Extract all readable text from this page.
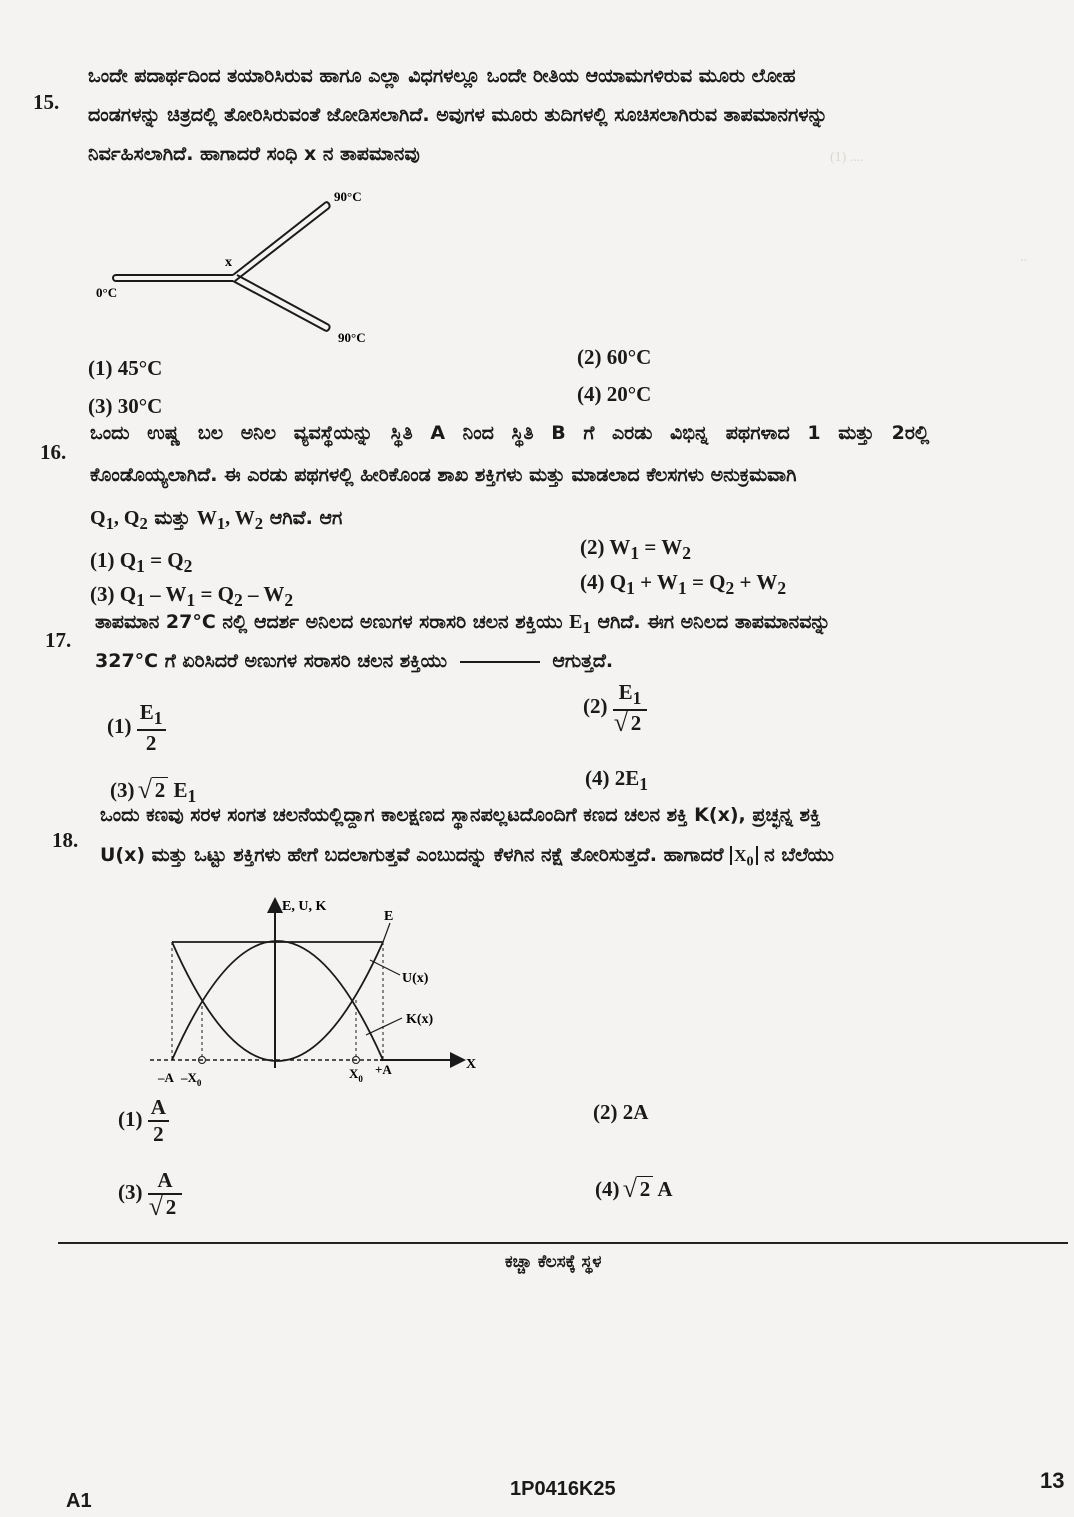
(1) ....
..
15.
ಒಂದೇ ಪದಾರ್ಥದಿಂದ ತಯಾರಿಸಿರುವ ಹಾಗೂ ಎಲ್ಲಾ ವಿಧಗಳಲ್ಲೂ ಒಂದೇ ರೀತಿಯ ಆಯಾಮಗಳಿರುವ ಮೂರು ಲೋಹ
ದಂಡಗಳನ್ನು ಚಿತ್ರದಲ್ಲಿ ತೋರಿಸಿರುವಂತೆ ಜೋಡಿಸಲಾಗಿದೆ. ಅವುಗಳ ಮೂರು ತುದಿಗಳಲ್ಲಿ ಸೂಚಿಸಲಾಗಿರುವ ತಾಪಮಾನಗಳನ್ನು
ನಿರ್ವಹಿಸಲಾಗಿದೆ. ಹಾಗಾದರೆ ಸಂಧಿ x ನ ತಾಪಮಾನವು
x
90°C
0°C
90°C
(1) 45°C	(2) 60°C
(3) 30°C	(4) 20°C
16.
ಒಂದು ಉಷ್ಣ ಬಲ ಅನಿಲ ವ್ಯವಸ್ಥೆಯನ್ನು ಸ್ಥಿತಿ A ನಿಂದ ಸ್ಥಿತಿ B ಗೆ ಎರಡು ವಿಭಿನ್ನ ಪಥಗಳಾದ 1 ಮತ್ತು 2ರಲ್ಲಿ
ಕೊಂಡೊಯ್ಯಲಾಗಿದೆ. ಈ ಎರಡು ಪಥಗಳಲ್ಲಿ ಹೀರಿಕೊಂಡ ಶಾಖ ಶಕ್ತಿಗಳು ಮತ್ತು ಮಾಡಲಾದ ಕೆಲಸಗಳು ಅನುಕ್ರಮವಾಗಿ
$Q_1$, $Q_2$ ಮತ್ತು $W_1$, $W_2$ ಆಗಿವೆ. ಆಗ
(1) $Q_1 = Q_2$
(2) $W_1 = W_2$
(3) $Q_1 - W_1 = Q_2 - W_2$
(4) $Q_1 + W_1 = Q_2 + W_2$
17.
ತಾಪಮಾನ 27°C ನಲ್ಲಿ ಆದರ್ಶ ಅನಿಲದ ಅಣುಗಳ ಸರಾಸರಿ ಚಲನ ಶಕ್ತಿಯು $E_1$ ಆಗಿದೆ. ಈಗ ಅನಿಲದ ತಾಪಮಾನವನ್ನು
327°C ಗೆ ಏರಿಸಿದರೆ ಅಣುಗಳ ಸರಾಸರಿ ಚಲನ ಶಕ್ತಿಯು	ಆಗುತ್ತದೆ.
$(1) \frac{E_1}{2}$	(2) $E_1$
√ 2
(3) √ 2 $E_1$
(4) $2E_1$
18.
ಒಂದು ಕಣವು ಸರಳ ಸಂಗತ ಚಲನೆಯಲ್ಲಿದ್ದಾಗ ಕಾಲಕ್ಷಣದ ಸ್ಥಾನಪಲ್ಲಟದೊಂದಿಗೆ ಕಣದ ಚಲನ ಶಕ್ತಿ K(x), ಪ್ರಚ್ಛನ್ನ ಶಕ್ತಿ
U(x) ಮತ್ತು ಒಟ್ಟು ಶಕ್ತಿಗಳು ಹೇಗೆ ಬದಲಾಗುತ್ತವೆ ಎಂಬುದನ್ನು ಕೆಳಗಿನ ನಕ್ಷೆ ತೋರಿಸುತ್ತದೆ. ಹಾಗಾದರೆ $X_0$ ನ ಬೆಲೆಯು
E, U, K
E
U(x)
K(x)
X
–A $-X_0$
$X_0$
+A
$(1) \frac{A}{2}$	(2) 2A
(3) A
√ 2	(4) √ 2 A
ಕಚ್ಚಾ ಕೆಲಸಕ್ಕೆ ಸ್ಥಳ
A1
1P0416K25	13
